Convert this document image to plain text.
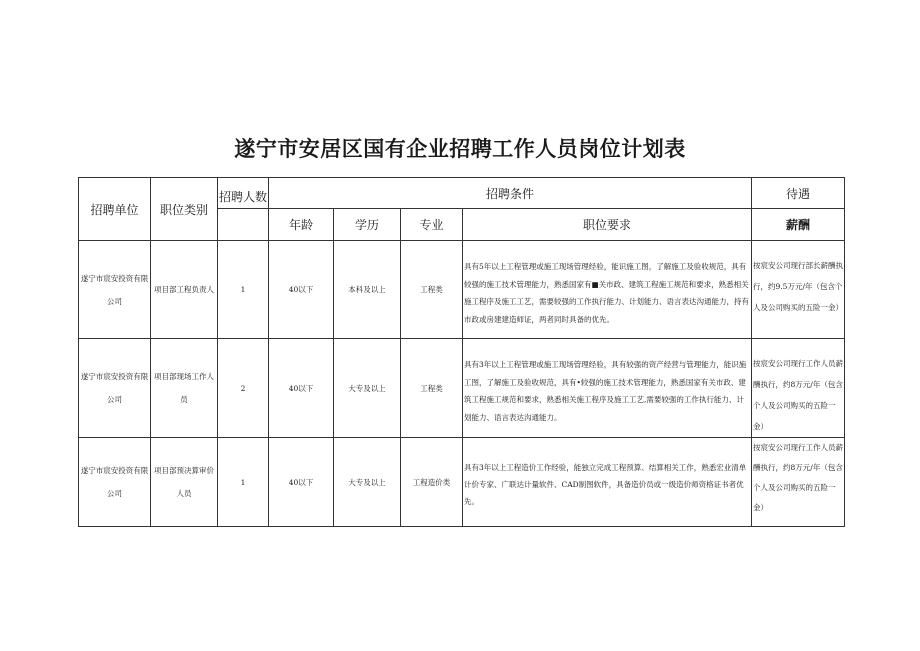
遂宁市安居区国有企业招聘工作人员岗位计划表
招聘单位	职位类别	招聘人数	招聘条件				待遇
			年龄	学历	专业	职位要求	薪酬
遂宁市宸安投资有限公司	项目部工程负责人	1	40以下	本科及以上	工程类	具有5年以上工程管理或施工现场管理经验，能识施工图，了解施工及验收规范，具有较强的施工技术管理能力，熟悉国家有■关市政、建筑工程施工规范和要求，熟悉相关施工程序及施工工艺，需要较强的工作执行能力、计划能力、语言表达沟通能力，持有市政或房建建造师证，两者同时具备的优先。	按宸安公司现行部长薪酬执行，约9.5万元/年（包含个人及公司购买的五险一金）

遂宁市宸安投资有限公司	项目部现场工作人员	2	40以下	大专及以上	工程类	具有3年以上工程管理或施工现场管理经验，具有较强的资产经营与管理能力，能识施工图，了解施工及验收规范，具有•较强的施工技术管理能力，熟悉国家有关市政、建筑工程施工规范和要求，熟悉相关施工程序及施工工艺,需要较强的工作执行能力、计划能力、语言表达沟通能力。	按宸安公司现行工作人员薪酬执行，约8万元/年（包含个人及公司购买的五险一金）

遂宁市宸安投资有限公司	项目部预决算审价人员	1	40以下	大专及以上	工程造价类	具有3年以上工程造价工作经验，能独立完成工程预算、结算相关工作，熟悉宏业清单计价专家、广联达计量软件、CAD制图软件，具备造价员或一级造价师资格证书者优先。	按宸安公司现行工作人员薪酬执行，约8万元/年（包含个人及公司购买的五险一金）
